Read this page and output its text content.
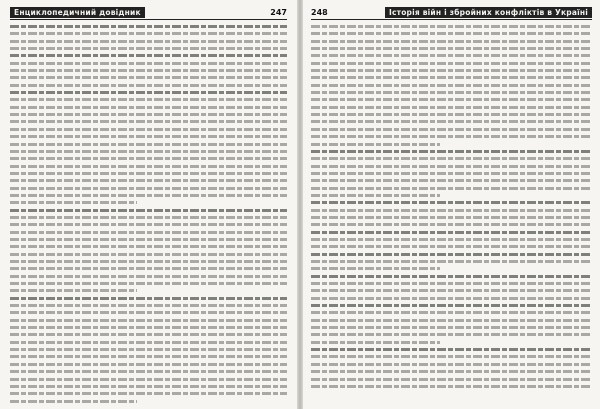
Енциклопедичний довідник	247	248	Історія війн і збройних конфліктів в Україні
